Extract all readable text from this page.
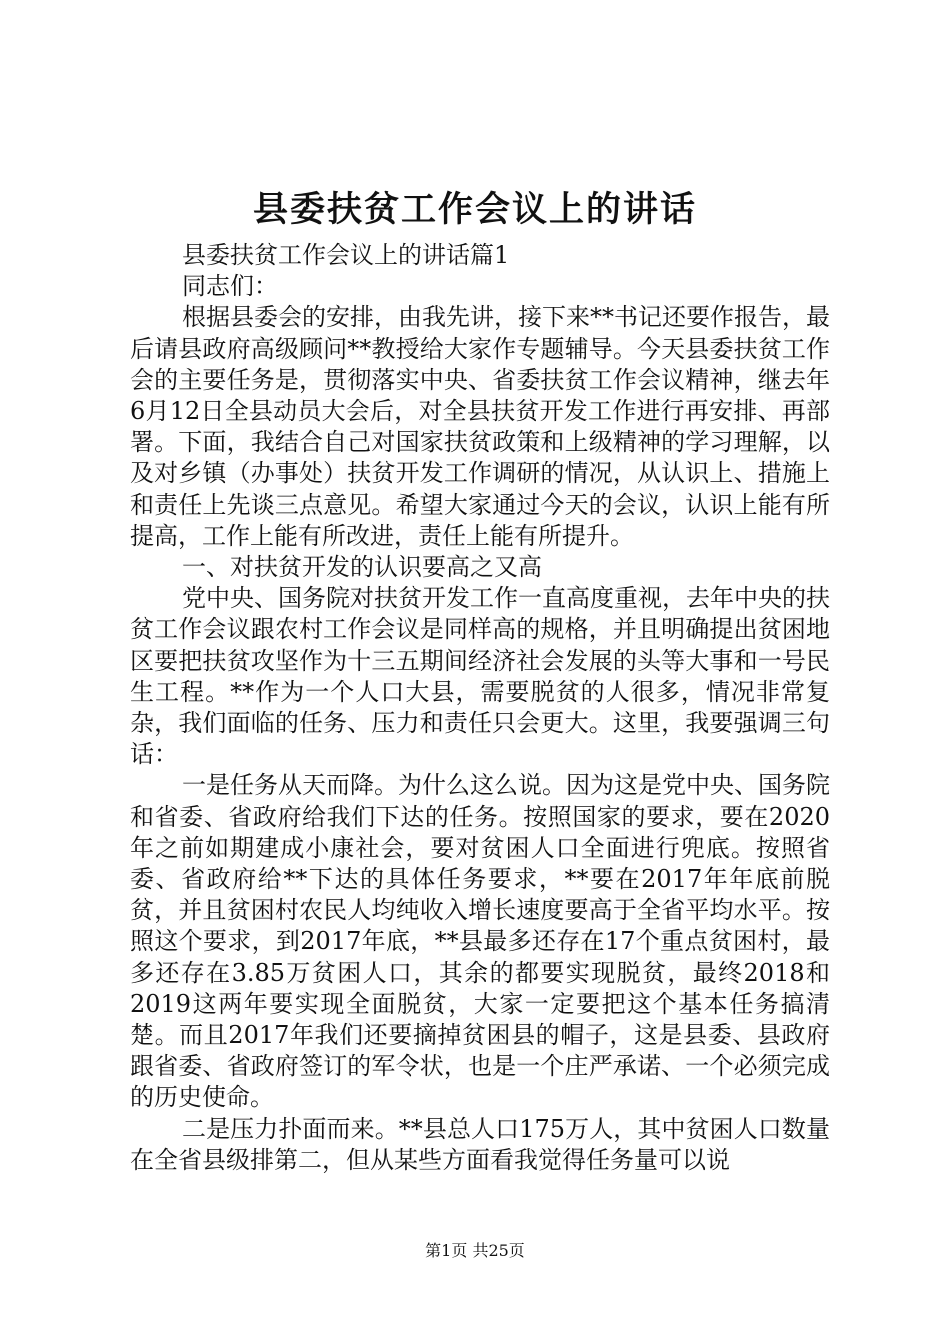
县委扶贫工作会议上的讲话

县委扶贫工作会议上的讲话篇1

同志们：

根据县委会的安排，由我先讲，接下来**书记还要作报告，最后请县政府高级顾问**教授给大家作专题辅导。今天县委扶贫工作会的主要任务是，贯彻落实中央、省委扶贫工作会议精神，继去年6月12日全县动员大会后，对全县扶贫开发工作进行再安排、再部署。下面，我结合自己对国家扶贫政策和上级精神的学习理解，以及对乡镇（办事处）扶贫开发工作调研的情况，从认识上、措施上和责任上先谈三点意见。希望大家通过今天的会议，认识上能有所提高，工作上能有所改进，责任上能有所提升。

一、对扶贫开发的认识要高之又高

党中央、国务院对扶贫开发工作一直高度重视，去年中央的扶贫工作会议跟农村工作会议是同样高的规格，并且明确提出贫困地区要把扶贫攻坚作为十三五期间经济社会发展的头等大事和一号民生工程。**作为一个人口大县，需要脱贫的人很多，情况非常复杂，我们面临的任务、压力和责任只会更大。这里，我要强调三句话：

一是任务从天而降。为什么这么说。因为这是党中央、国务院和省委、省政府给我们下达的任务。按照国家的要求，要在2020年之前如期建成小康社会，要对贫困人口全面进行兜底。按照省委、省政府给**下达的具体任务要求，**要在2017年年底前脱贫，并且贫困村农民人均纯收入增长速度要高于全省平均水平。按照这个要求，到2017年底，**县最多还存在17个重点贫困村，最多还存在3.85万贫困人口，其余的都要实现脱贫，最终2018和2019这两年要实现全面脱贫，大家一定要把这个基本任务搞清楚。而且2017年我们还要摘掉贫困县的帽子，这是县委、县政府跟省委、省政府签订的军令状，也是一个庄严承诺、一个必须完成的历史使命。

二是压力扑面而来。**县总人口175万人，其中贫困人口数量在全省县级排第二，但从某些方面看我觉得任务量可以说

第1页 共25页
